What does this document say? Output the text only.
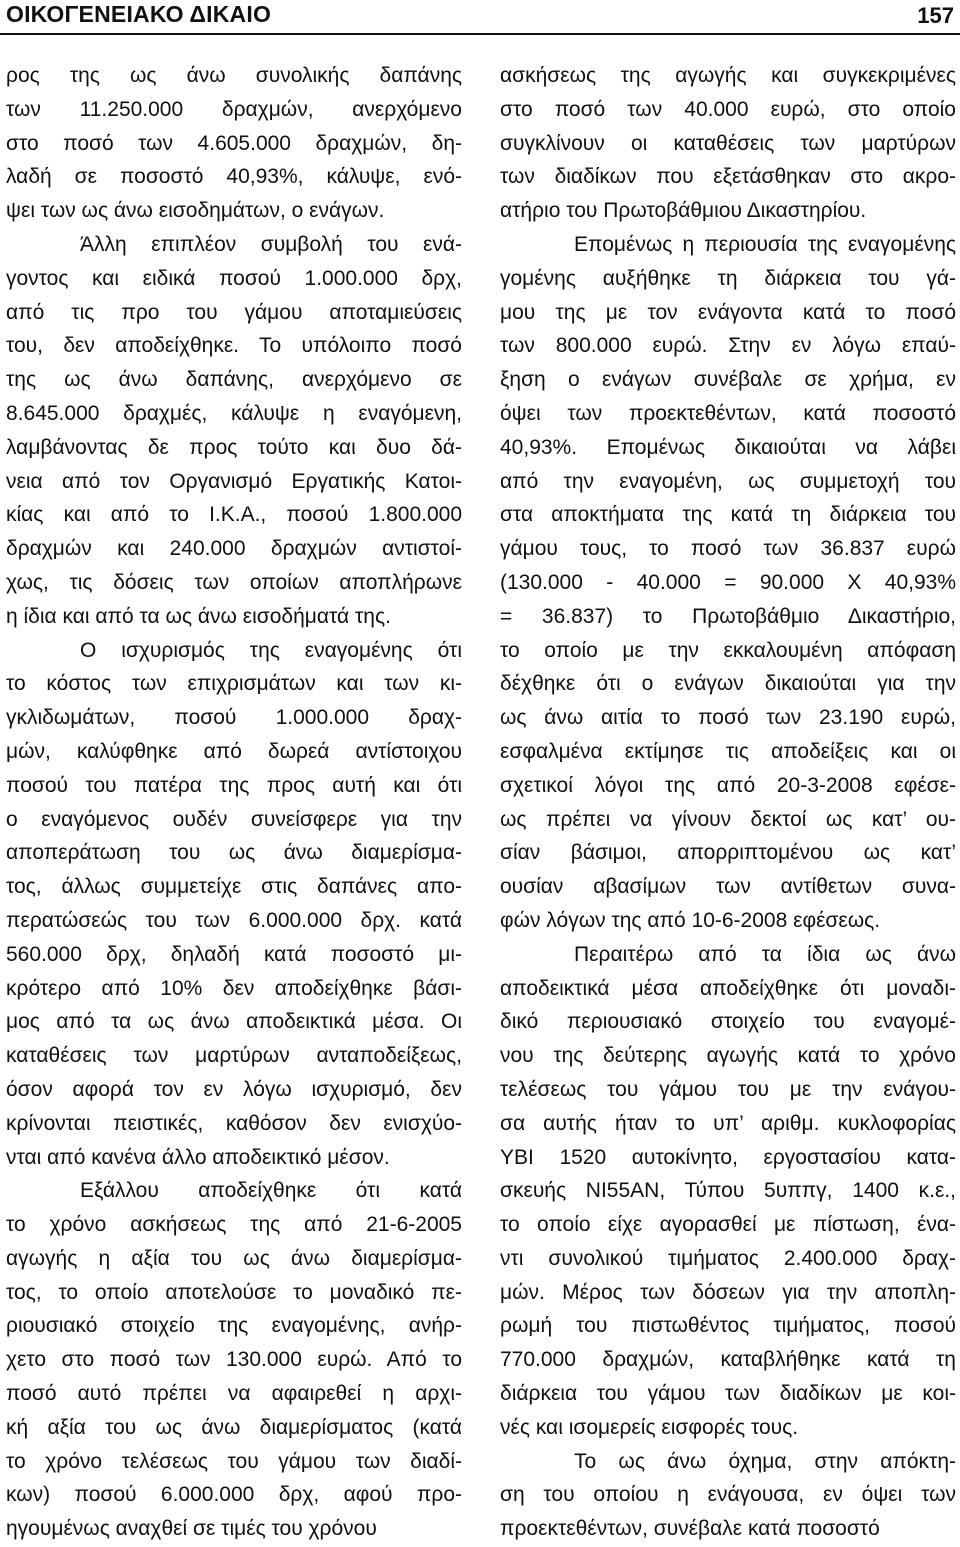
ΟΙΚΟΓΕΝΕΙΑΚΟ ΔΙΚΑΙΟ	157
ρος της ως άνω συνολικής δαπάνης
των 11.250.000 δραχμών, ανερχόμενο
στο ποσό των 4.605.000 δραχμών, δη-
λαδή σε ποσοστό 40,93%, κάλυψε, ενό-
ψει των ως άνω εισοδημάτων, ο ενάγων.
Άλλη επιπλέον συμβολή του ενά-
γοντος και ειδικά ποσού 1.000.000 δρχ,
από τις προ του γάμου αποταμιεύσεις
του, δεν αποδείχθηκε. Το υπόλοιπο ποσό
της ως άνω δαπάνης, ανερχόμενο σε
8.645.000 δραχμές, κάλυψε η εναγόμενη,
λαμβάνοντας δε προς τούτο και δυο δά-
νεια από τον Οργανισμό Εργατικής Κατοι-
κίας και από το Ι.Κ.Α., ποσού 1.800.000
δραχμών και 240.000 δραχμών αντιστοί-
χως, τις δόσεις των οποίων αποπλήρωνε
η ίδια και από τα ως άνω εισοδήματά της.
Ο ισχυρισμός της εναγομένης ότι
το κόστος των επιχρισμάτων και των κι-
γκλιδωμάτων, ποσού 1.000.000 δραχ-
μών, καλύφθηκε από δωρεά αντίστοιχου
ποσού του πατέρα της προς αυτή και ότι
ο εναγόμενος ουδέν συνείσφερε για την
αποπεράτωση του ως άνω διαμερίσμα-
τος, άλλως συμμετείχε στις δαπάνες απο-
περατώσεώς του των 6.000.000 δρχ. κατά
560.000 δρχ, δηλαδή κατά ποσοστό μι-
κρότερο από 10% δεν αποδείχθηκε βάσι-
μος από τα ως άνω αποδεικτικά μέσα. Οι
καταθέσεις των μαρτύρων ανταποδείξεως,
όσον αφορά τον εν λόγω ισχυρισμό, δεν
κρίνονται πειστικές, καθόσον δεν ενισχύο-
νται από κανένα άλλο αποδεικτικό μέσον.
Εξάλλου αποδείχθηκε ότι κατά
το χρόνο ασκήσεως της από 21-6-2005
αγωγής η αξία του ως άνω διαμερίσμα-
τος, το οποίο αποτελούσε το μοναδικό πε-
ριουσιακό στοιχείο της εναγομένης, ανήρ-
χετο στο ποσό των 130.000 ευρώ. Από το
ποσό αυτό πρέπει να αφαιρεθεί η αρχι-
κή αξία του ως άνω διαμερίσματος (κατά
το χρόνο τελέσεως του γάμου των διαδί-
κων) ποσού 6.000.000 δρχ, αφού προ-
ηγουμένως αναχθεί σε τιμές του χρόνου
ασκήσεως της αγωγής και συγκεκριμένες
στο ποσό των 40.000 ευρώ, στο οποίο
συγκλίνουν οι καταθέσεις των μαρτύρων
των διαδίκων που εξετάσθηκαν στο ακρο-
ατήριο του Πρωτοβάθμιου Δικαστηρίου.
Επομένως η περιουσία της εναγομένης
γομένης αυξήθηκε τη διάρκεια του γά-
μου της με τον ενάγοντα κατά το ποσό
των 800.000 ευρώ. Στην εν λόγω επαύ-
ξηση ο ενάγων συνέβαλε σε χρήμα, εν
όψει των προεκτεθέντων, κατά ποσοστό
40,93%. Επομένως δικαιούται να λάβει
από την εναγομένη, ως συμμετοχή του
στα αποκτήματα της κατά τη διάρκεια του
γάμου τους, το ποσό των 36.837 ευρώ
(130.000 - 40.000 = 90.000 Χ 40,93%
= 36.837) το Πρωτοβάθμιο Δικαστήριο,
το οποίο με την εκκαλουμένη απόφαση
δέχθηκε ότι ο ενάγων δικαιούται για την
ως άνω αιτία το ποσό των 23.190 ευρώ,
εσφαλμένα εκτίμησε τις αποδείξεις και οι
σχετικοί λόγοι της από 20-3-2008 εφέσε-
ως πρέπει να γίνουν δεκτοί ως κατ’ ου-
σίαν βάσιμοι, απορριπτομένου ως κατ’
ουσίαν αβασίμων των αντίθετων συνα-
φών λόγων της από 10-6-2008 εφέσεως.
Περαιτέρω από τα ίδια ως άνω
αποδεικτικά μέσα αποδείχθηκε ότι μοναδι-
δικό περιουσιακό στοιχείο του εναγομέ-
νου της δεύτερης αγωγής κατά το χρόνο
τελέσεως του γάμου του με την ενάγου-
σα αυτής ήταν το υπ’ αριθμ. κυκλοφορίας
ΥΒΙ 1520 αυτοκίνητο, εργοστασίου κατα-
σκευής ΝΙ55ΑΝ, Τύπου 5υππγ, 1400 κ.ε.,
το οποίο είχε αγορασθεί με πίστωση, ένα-
ντι συνολικού τιμήματος 2.400.000 δραχ-
μών. Μέρος των δόσεων για την αποπλη-
ρωμή του πιστωθέντος τιμήματος, ποσού
770.000 δραχμών, καταβλήθηκε κατά τη
διάρκεια του γάμου των διαδίκων με κοι-
νές και ισομερείς εισφορές τους.
Το ως άνω όχημα, στην απόκτη-
ση του οποίου η ενάγουσα, εν όψει των
προεκτεθέντων, συνέβαλε κατά ποσοστό
